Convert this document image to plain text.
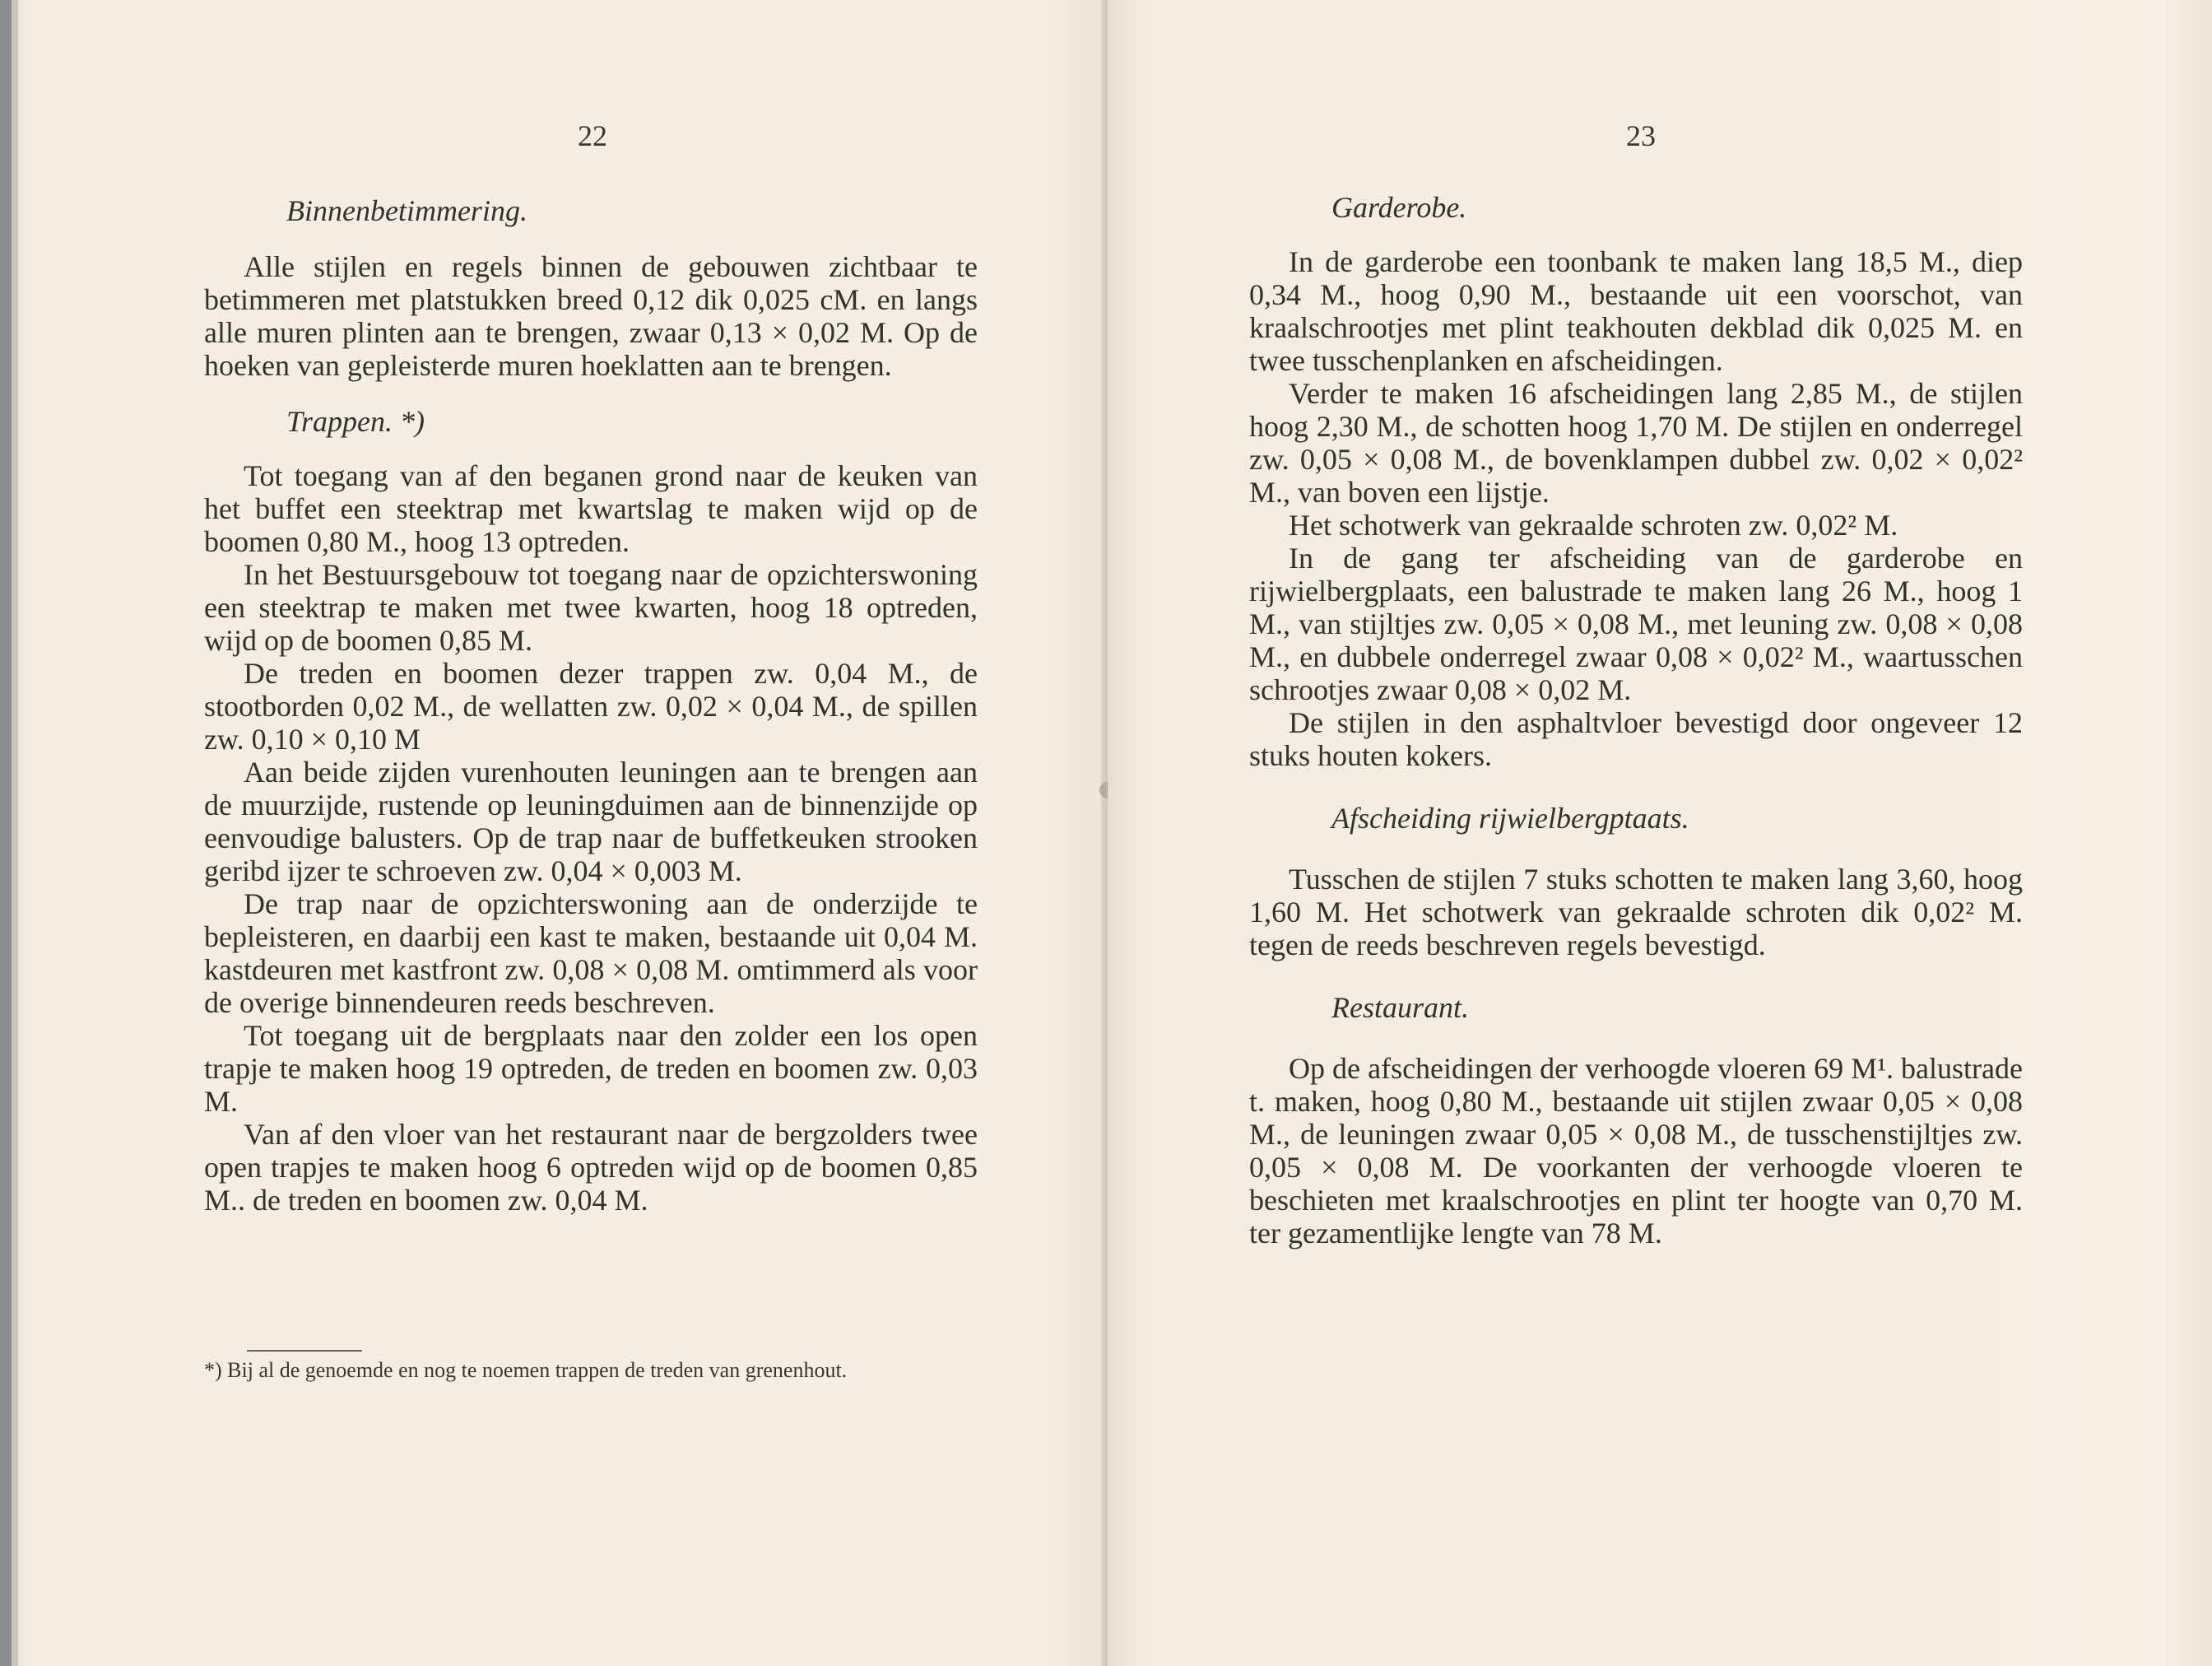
22

Binnenbetimmering.

Alle stijlen en regels binnen de gebouwen zichtbaar te betimmeren met platstukken breed 0,12 dik 0,025 cM. en langs alle muren plinten aan te brengen, zwaar 0,13 × 0,02 M. Op de hoeken van gepleisterde muren hoeklatten aan te brengen.

Trappen. *)

Tot toegang van af den beganen grond naar de keuken van het buffet een steektrap met kwartslag te maken wijd op de boomen 0,80 M., hoog 13 optreden.

In het Bestuursgebouw tot toegang naar de opzichterswoning een steektrap te maken met twee kwarten, hoog 18 optreden, wijd op de boomen 0,85 M.

De treden en boomen dezer trappen zw. 0,04 M., de stootborden 0,02 M., de wellatten zw. 0,02 × 0,04 M., de spillen zw. 0,10 × 0,10 M

Aan beide zijden vurenhouten leuningen aan te brengen aan de muurzijde, rustende op leuningduimen aan de binnenzijde op eenvoudige balusters. Op de trap naar de buffetkeuken strooken geribd ijzer te schroeven zw. 0,04 × 0,003 M.

De trap naar de opzichterswoning aan de onderzijde te bepleisteren, en daarbij een kast te maken, bestaande uit 0,04 M. kastdeuren met kastfront zw. 0,08 × 0,08 M. omtimmerd als voor de overige binnendeuren reeds beschreven.

Tot toegang uit de bergplaats naar den zolder een los open trapje te maken hoog 19 optreden, de treden en boomen zw. 0,03 M.

Van af den vloer van het restaurant naar de bergzolders twee open trapjes te maken hoog 6 optreden wijd op de boomen 0,85 M.. de treden en boomen zw. 0,04 M.

*) Bij al de genoemde en nog te noemen trappen de treden van grenenhout.
23

Garderobe.

In de garderobe een toonbank te maken lang 18,5 M., diep 0,34 M., hoog 0,90 M., bestaande uit een voorschot, van kraalschrootjes met plint teakhouten dekblad dik 0,025 M. en twee tusschenplanken en afscheidingen.

Verder te maken 16 afscheidingen lang 2,85 M., de stijlen hoog 2,30 M., de schotten hoog 1,70 M. De stijlen en onderregel zw. 0,05 × 0,08 M., de bovenklampen dubbel zw. 0,02 × 0,02² M., van boven een lijstje.

Het schotwerk van gekraalde schroten zw. 0,02² M.

In de gang ter afscheiding van de garderobe en rijwielbergplaats, een balustrade te maken lang 26 M., hoog 1 M., van stijltjes zw. 0,05 × 0,08 M., met leuning zw. 0,08 × 0,08 M., en dubbele onderregel zwaar 0,08 × 0,02² M., waartusschen schrootjes zwaar 0,08 × 0,02 M.

De stijlen in den asphaltvloer bevestigd door ongeveer 12 stuks houten kokers.

Afscheiding rijwielbergptaats.

Tusschen de stijlen 7 stuks schotten te maken lang 3,60, hoog 1,60 M. Het schotwerk van gekraalde schroten dik 0,02² M. tegen de reeds beschreven regels bevestigd.

Restaurant.

Op de afscheidingen der verhoogde vloeren 69 M¹. balustrade t. maken, hoog 0,80 M., bestaande uit stijlen zwaar 0,05 × 0,08 M., de leuningen zwaar 0,05 × 0,08 M., de tusschenstijltjes zw. 0,05 × 0,08 M. De voorkanten der verhoogde vloeren te beschieten met kraalschrootjes en plint ter hoogte van 0,70 M. ter gezamentlijke lengte van 78 M.
